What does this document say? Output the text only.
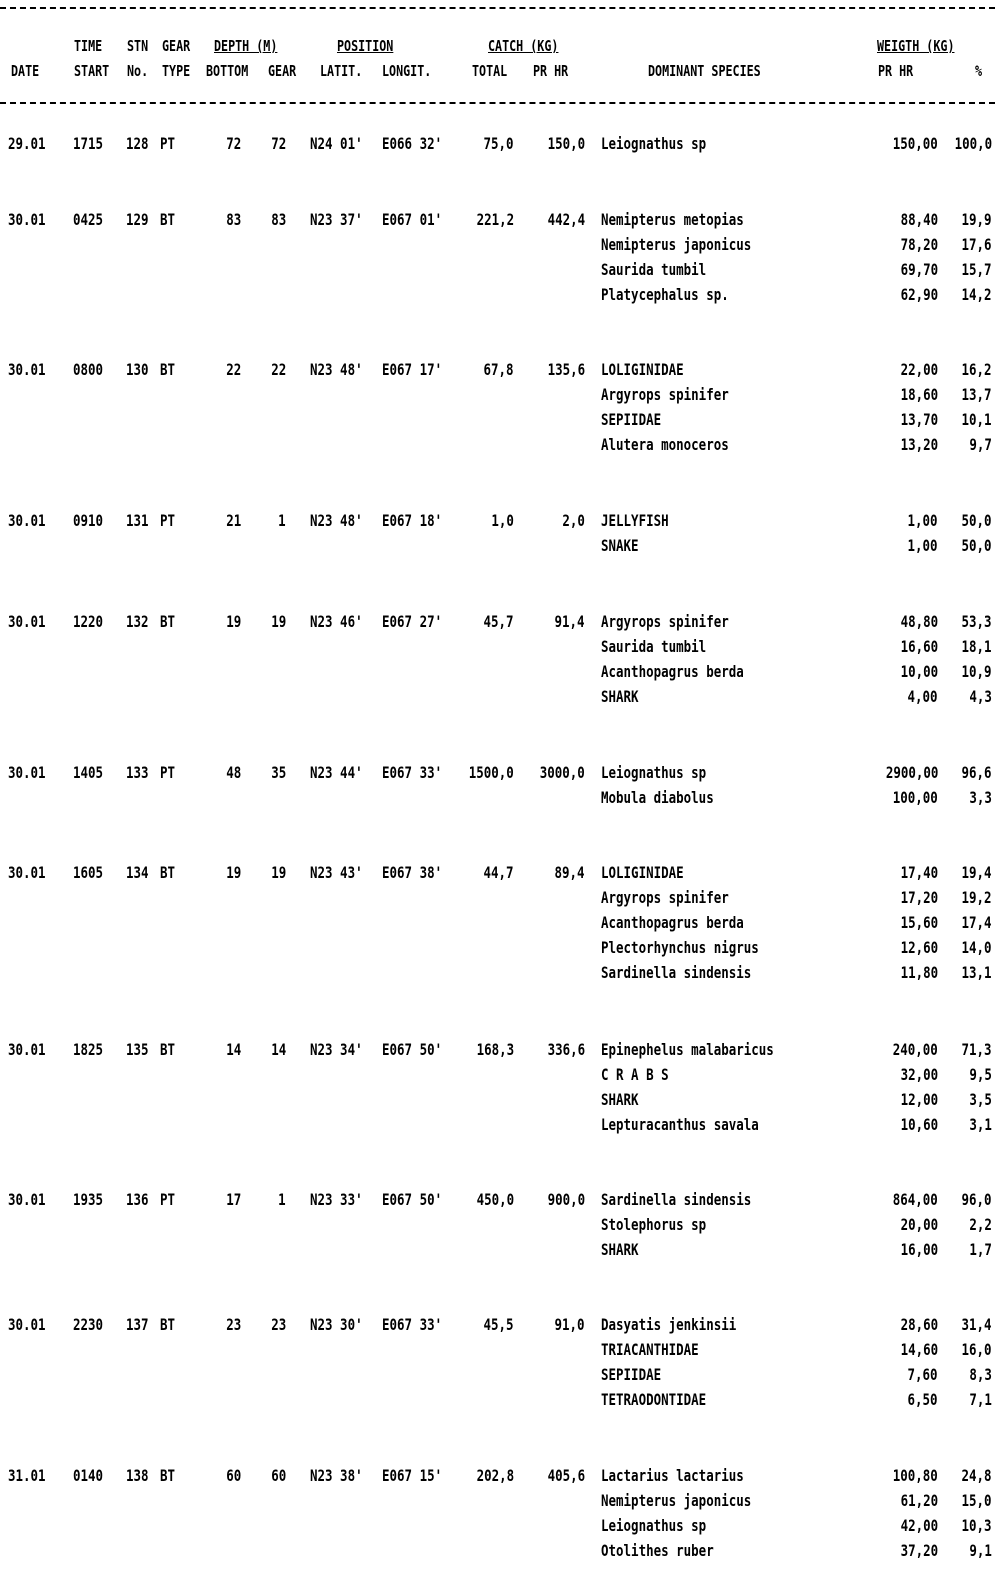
TIME STN GEAR DEPTH (M)	POSITION	CATCH (KG)	WEIGTH (KG)
DATE START No. TYPE BOTTOM GEAR LATIT. LONGIT.	TOTAL PR HR	DOMINANT SPECIES	PR HR	%
29.01 1715 128 PT	72 72 N24 01' E066 32'	75,0 150,0 Leiognathus sp	150,00 100,0
30.01 0425 129 BT	83 83 N23 37' E067 01' 221,2 442,4 Nemipterus metopias	88,40 19,9
Nemipterus japonicus	78,20 17,6
Saurida tumbil	69,70 15,7
Platycephalus sp.	62,90 14,2
30.01 0800 130 BT	22 22 N23 48' E067 17'	67,8 135,6 LOLIGINIDAE	22,00 16,2
Argyrops spinifer	18,60 13,7
SEPIIDAE	13,70 10,1
Alutera monoceros	13,20 9,7
30.01 0910 131 PT	21 1 N23 48' E067 18'	1,0	2,0 JELLYFISH	1,00 50,0
SNAKE	1,00 50,0
30.01 1220 132 BT	19 19 N23 46' E067 27'	45,7	91,4 Argyrops spinifer	48,80 53,3
Saurida tumbil	16,60 18,1
Acanthopagrus berda	10,00 10,9
SHARK	4,00 4,3
30.01 1405 133 PT	48 35 N23 44' E067 33' 1500,0 3000,0 Leiognathus sp	2900,00 96,6
Mobula diabolus	100,00 3,3
30.01 1605 134 BT	19 19 N23 43' E067 38'	44,7	89,4 LOLIGINIDAE	17,40 19,4
Argyrops spinifer	17,20 19,2
Acanthopagrus berda	15,60 17,4
Plectorhynchus nigrus	12,60 14,0
Sardinella sindensis	11,80 13,1
30.01 1825 135 BT	14 14 N23 34' E067 50' 168,3 336,6 Epinephelus malabaricus	240,00 71,3
C R A B S	32,00 9,5
SHARK	12,00 3,5
Lepturacanthus savala	10,60 3,1
30.01 1935 136 PT	17 1 N23 33' E067 50' 450,0 900,0 Sardinella sindensis	864,00 96,0
Stolephorus sp	20,00 2,2
SHARK	16,00 1,7
30.01 2230 137 BT	23 23 N23 30' E067 33'	45,5	91,0 Dasyatis jenkinsii	28,60 31,4
TRIACANTHIDAE	14,60 16,0
SEPIIDAE	7,60 8,3
TETRAODONTIDAE	6,50 7,1
31.01 0140 138 BT	60 60 N23 38' E067 15' 202,8 405,6 Lactarius lactarius	100,80 24,8
Nemipterus japonicus	61,20 15,0
Leiognathus sp	42,00 10,3
Otolithes ruber	37,20 9,1
